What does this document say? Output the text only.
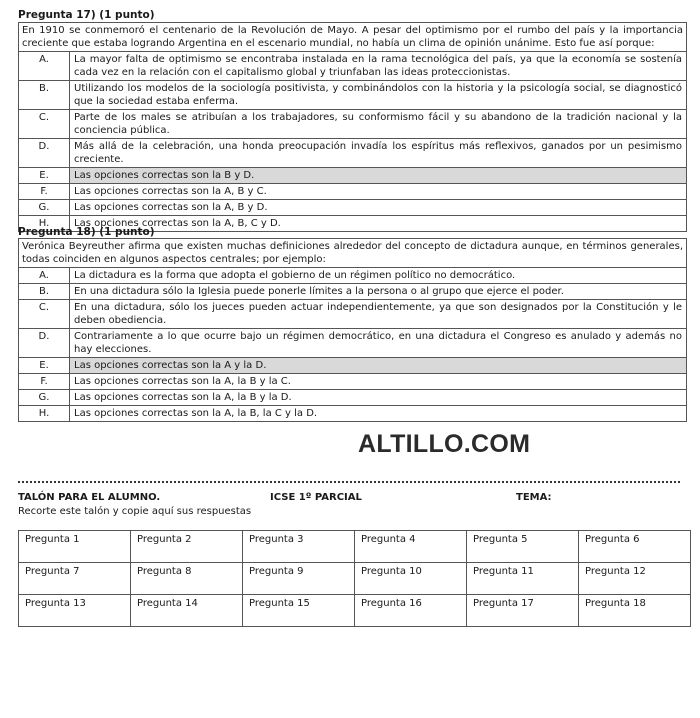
Pregunta 17) (1 punto)
En 1910 se conmemoró el centenario de la Revolución de Mayo. A pesar del optimismo por el rumbo del país y la importancia creciente que estaba logrando Argentina en el escenario mundial, no había un clima de opinión unánime. Esto fue así porque:
A.	La mayor falta de optimismo se encontraba instalada en la rama tecnológica del país, ya que la economía se sostenía cada vez en la relación con el capitalismo global y triunfaban las ideas proteccionistas.
B.	Utilizando los modelos de la sociología positivista, y combinándolos con la historia y la psicología social, se diagnosticó que la sociedad estaba enferma.
C.	Parte de los males se atribuían a los trabajadores, su conformismo fácil y su abandono de la tradición nacional y la conciencia pública.
D.	Más allá de la celebración, una honda preocupación invadía los espíritus más reflexivos, ganados por un pesimismo creciente.
E.	Las opciones correctas son la B y D.
F.	Las opciones correctas son la A, B y C.
G.	Las opciones correctas son la A, B y D.
H.	Las opciones correctas son la A, B, C y D.
Pregunta 18) (1 punto)
Verónica Beyreuther afirma que existen muchas definiciones alrededor del concepto de dictadura aunque, en términos generales, todas coinciden en algunos aspectos centrales; por ejemplo:
A.	La dictadura es la forma que adopta el gobierno de un régimen político no democrático.
B.	En una dictadura sólo la Iglesia puede ponerle límites a la persona o al grupo que ejerce el poder.
C.	En una dictadura, sólo los jueces pueden actuar independientemente, ya que son designados por la Constitución y le deben obediencia.
D.	Contrariamente a lo que ocurre bajo un régimen democrático, en una dictadura el Congreso es anulado y además no hay elecciones.
E.	Las opciones correctas son la A y la D.
F.	Las opciones correctas son la A, la B y la C.
G.	Las opciones correctas son la A, la B y la D.
H.	Las opciones correctas son la A, la B, la C y la D.
ALTILLO.COM
TALÓN PARA EL ALUMNO.	ICSE 1º PARCIAL	TEMA:
Recorte este talón y copie aquí sus respuestas
Pregunta 1	Pregunta 2	Pregunta 3	Pregunta 4	Pregunta 5	Pregunta 6
Pregunta 7	Pregunta 8	Pregunta 9	Pregunta 10	Pregunta 11	Pregunta 12
Pregunta 13	Pregunta 14	Pregunta 15	Pregunta 16	Pregunta 17	Pregunta 18
